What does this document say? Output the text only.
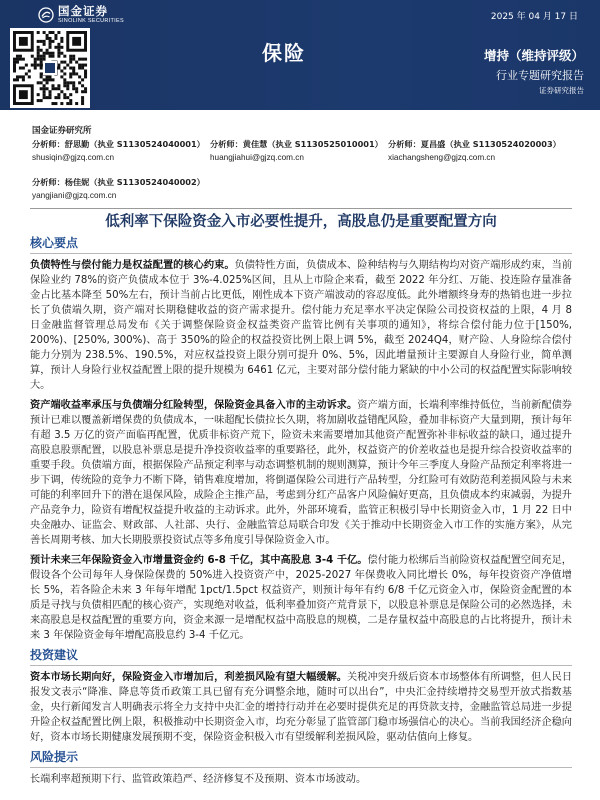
国金证券
SINOLINK SECURITIES	2025 年 04 月 17 日
保险	增持（维持评级）
行业专题研究报告
证券研究报告
国金证券研究所
分析师：舒思勤（执业 S1130524040001）
shusiqin@gjzq.com.cn
分析师：黄佳慧（执业 S1130525010001）
huangjiahui@gjzq.com.cn
分析师：夏昌盛（执业 S1130524020003）
xiachangsheng@gjzq.com.cn
分析师：杨佳妮（执业 S1130524040002）
yangjiani@gjzq.com.cn
低利率下保险资金入市必要性提升，高股息仍是重要配置方向
核心要点

负债特性与偿付能力是权益配置的核心约束。负债特性方面，负债成本、险种结构与久期结构均对资产端形成约束，当前保险业约 78%的资产负债成本位于 3%-4.025%区间，且从上市险企来看，截至 2022 年分红、万能、投连险存量准备金占比基本降至 50%左右，预计当前占比更低，刚性成本下资产端波动的容忍度低。此外增额终身寿的热销也进一步拉长了负债端久期，资产端对长期稳健收益的资产需求提升。偿付能力充足率水平决定保险公司投资权益的上限，4 月 8 日金融监督管理总局发布《关于调整保险资金权益类资产监管比例有关事项的通知》，将综合偿付能力位于[150%, 200%)、[250%, 300%)、高于 350%的险企的权益投资比例上限上调 5%，截至 2024Q4，财产险、人身险综合偿付能力分别为 238.5%、190.5%，对应权益投资上限分别可提升 0%、5%，因此增量预计主要源自人身险行业，简单测算，预计人身险行业权益配置上限的提升规模为 6461 亿元，主要对部分偿付能力紧缺的中小公司的权益配置实际影响较大。

资产端收益率承压与负债端分红险转型，保险资金具备入市的主动诉求。资产端方面，长端利率维持低位，当前新配债券预计已难以覆盖新增保费的负债成本，一味超配长债拉长久期，将加剧收益错配风险，叠加非标资产大量到期，预计每年有超 3.5 万亿的资产面临再配置，优质非标资产荒下，险资未来需要增加其他资产配置弥补非标收益的缺口，通过提升高股息股票配置，以股息补票息是提升净投资收益率的重要路径，此外，权益资产的价差收益也是提升综合投资收益率的重要手段。负债端方面，根据保险产品预定利率与动态调整机制的规则测算，预计今年三季度人身险产品预定利率将进一步下调，传统险的竞争力不断下降，销售难度增加，将倒逼保险公司进行产品转型，分红险可有效防范利差损风险与未来可能的利率回升下的潜在退保风险，成险企主推产品，考虑到分红产品客户风险偏好更高，且负债成本约束减弱，为提升产品竞争力，险资有增配权益提升收益的主动诉求。此外，外部环境看，监管正积极引导中长期资金入市，1 月 22 日中央金融办、证监会、财政部、人社部、央行、金融监管总局联合印发《关于推动中长期资金入市工作的实施方案》，从完善长周期考核、加大长期股票投资试点等多角度引导保险资金入市。

预计未来三年保险资金入市增量资金约 6-8 千亿，其中高股息 3-4 千亿。偿付能力松绑后当前险资权益配置空间充足，假设各个公司每年人身保险保费的 50%进入投资资产中，2025-2027 年保费收入同比增长 0%，每年投资资产净值增长 5%，若各险企未来 3 年每年增配 1pct/1.5pct 权益资产，则预计每年有约 6/8 千亿元资金入市，保险资金配置的本质是寻找与负债相匹配的核心资产，实现绝对收益，低利率叠加资产荒背景下，以股息补票息是保险公司的必然选择，未来高股息是权益配置的重要方向，资金来源一是增配权益中高股息的规模，二是存量权益中高股息的占比将提升，预计未来 3 年保险资金每年增配高股息约 3-4 千亿元。

投资建议

资本市场长期向好，保险资金入市增加后，利差损风险有望大幅缓解。关税冲突升级后资本市场整体有所调整，但人民日报发文表示“降准、降息等货币政策工具已留有充分调整余地，随时可以出台”，中央汇金持续增持交易型开放式指数基金，央行新闻发言人明确表示将全力支持中央汇金的增持行动并在必要时提供充足的再贷款支持，金融监管总局进一步提升险企权益配置比例上限，积极推动中长期资金入市，均充分彰显了监管部门稳市场强信心的决心。当前我国经济企稳向好，资本市场长期健康发展预期不变，保险资金积极入市有望缓解利差损风险，驱动估值向上修复。

风险提示

长端利率超预期下行、监管政策趋严、经济修复不及预期、资本市场波动。
